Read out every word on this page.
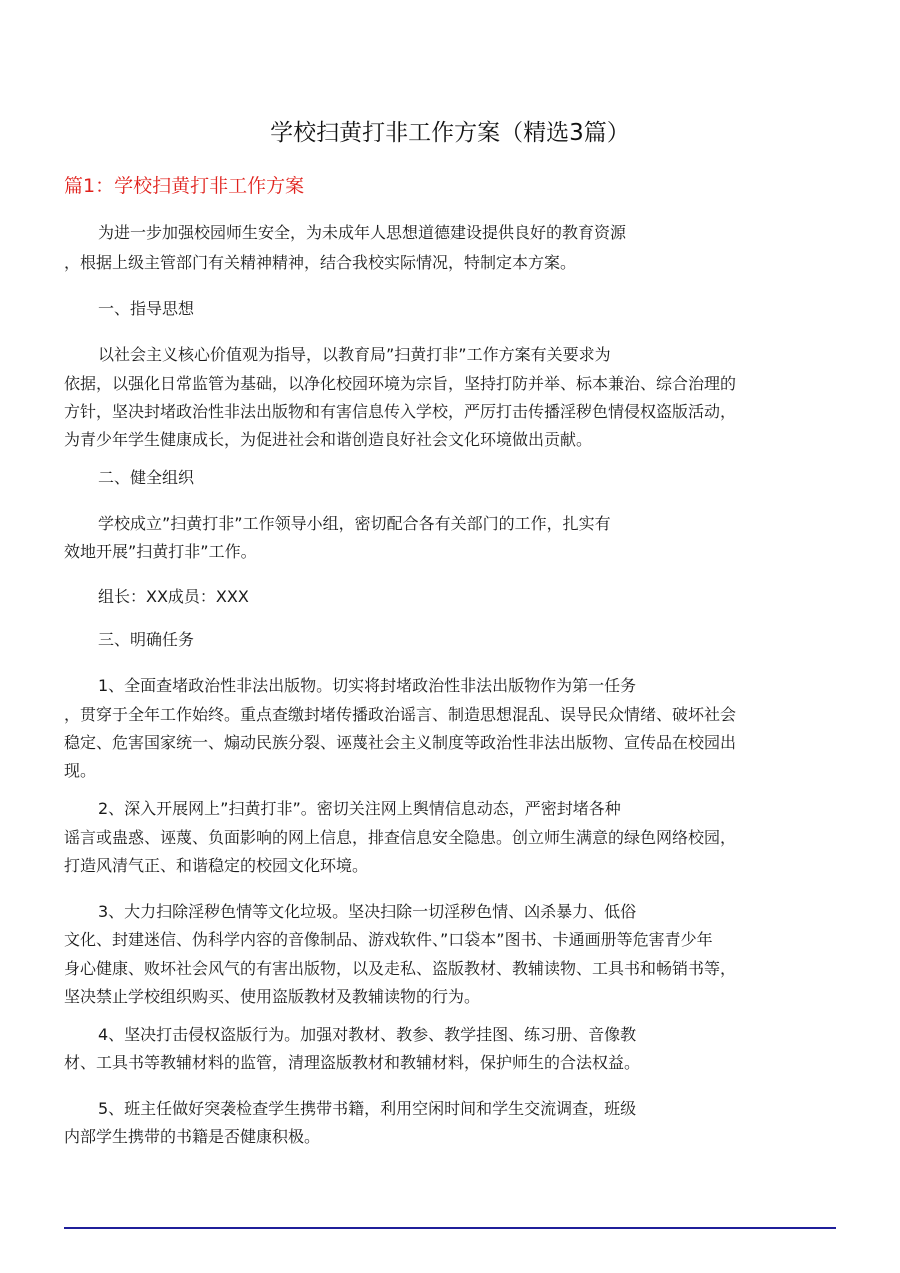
学校扫黄打非工作方案（精选3篇）
篇1：学校扫黄打非工作方案
为进一步加强校园师生安全，为未成年人思想道德建设提供良好的教育资源
，根据上级主管部门有关精神精神，结合我校实际情况，特制定本方案。
一、指导思想
以社会主义核心价值观为指导，以教育局”扫黄打非”工作方案有关要求为
依据，以强化日常监管为基础，以净化校园环境为宗旨，坚持打防并举、标本兼治、综合治理的
方针，坚决封堵政治性非法出版物和有害信息传入学校，严厉打击传播淫秽色情侵权盗版活动，
为青少年学生健康成长，为促进社会和谐创造良好社会文化环境做出贡献。
二、健全组织
学校成立”扫黄打非”工作领导小组，密切配合各有关部门的工作，扎实有
效地开展”扫黄打非”工作。
组长：XX成员：XXX
三、明确任务
1、全面查堵政治性非法出版物。切实将封堵政治性非法出版物作为第一任务
，贯穿于全年工作始终。重点查缴封堵传播政治谣言、制造思想混乱、误导民众情绪、破坏社会
稳定、危害国家统一、煽动民族分裂、诬蔑社会主义制度等政治性非法出版物、宣传品在校园出
现。
2、深入开展网上”扫黄打非”。密切关注网上舆情信息动态，严密封堵各种
谣言或蛊惑、诬蔑、负面影响的网上信息，排查信息安全隐患。创立师生满意的绿色网络校园，
打造风清气正、和谐稳定的校园文化环境。
3、大力扫除淫秽色情等文化垃圾。坚决扫除一切淫秽色情、凶杀暴力、低俗
文化、封建迷信、伪科学内容的音像制品、游戏软件、”口袋本”图书、卡通画册等危害青少年
身心健康、败坏社会风气的有害出版物，以及走私、盗版教材、教辅读物、工具书和畅销书等，
坚决禁止学校组织购买、使用盗版教材及教辅读物的行为。
4、坚决打击侵权盗版行为。加强对教材、教参、教学挂图、练习册、音像教
材、工具书等教辅材料的监管，清理盗版教材和教辅材料，保护师生的合法权益。
5、班主任做好突袭检查学生携带书籍，利用空闲时间和学生交流调查，班级
内部学生携带的书籍是否健康积极。
